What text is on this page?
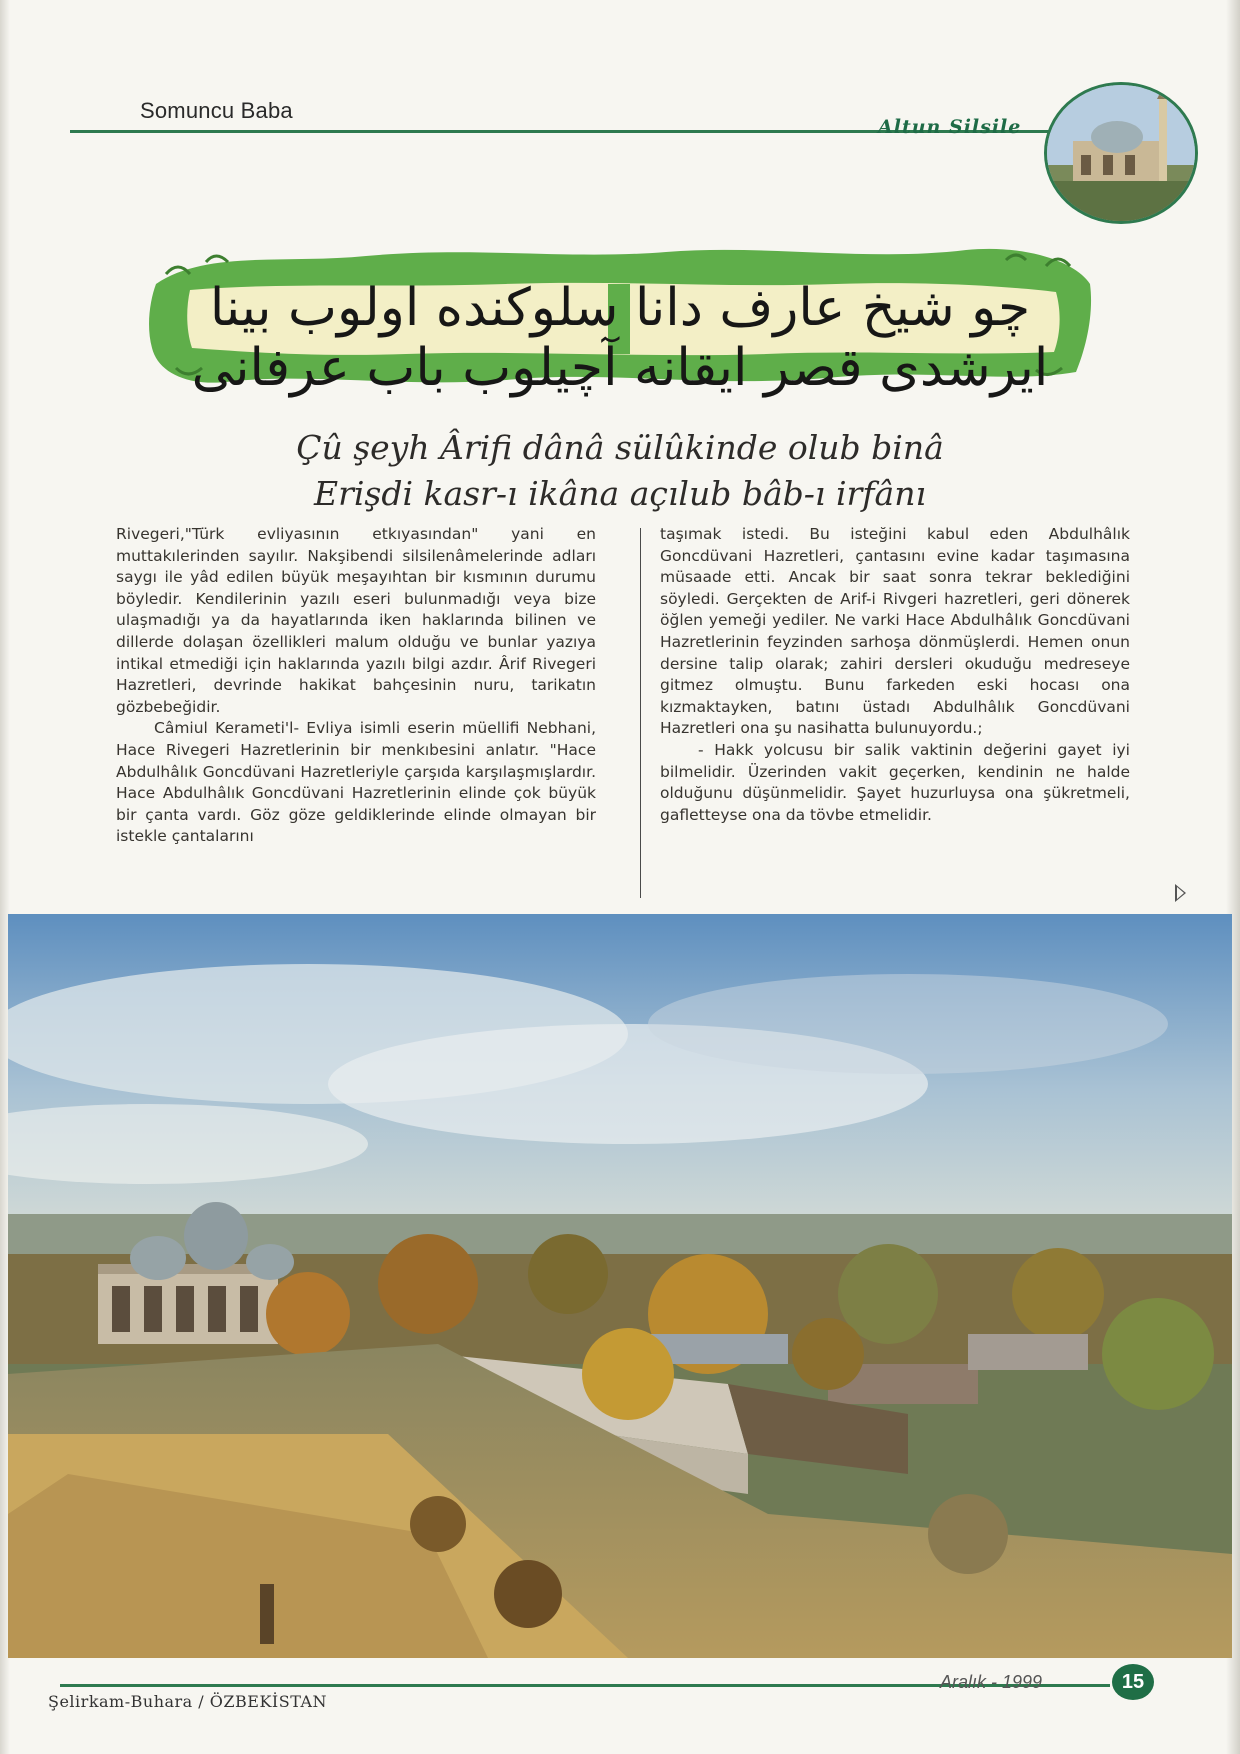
Somuncu Baba
Altun Silsile
چو شیخ عارف دانا سلوکنده اولوب بینا ایرشدی قصر ایقانه آچیلوب باب عرفانی
Çû şeyh Ârifi dânâ sülûkinde olub binâ
Erişdi kasr-ı ikâna açılub bâb-ı irfânı

Rivegeri,"Türk evliyasının etkıyasından" yani en muttakılerinden sayılır. Nakşibendi silsilenâmelerinde adları saygı ile yâd edilen büyük meşayıhtan bir kısmının durumu böyledir. Kendilerinin yazılı eseri bulunmadığı veya bize ulaşmadığı ya da hayatlarında iken haklarında bilinen ve dillerde dolaşan özellikleri malum olduğu ve bunlar yazıya intikal etmediği için haklarında yazılı bilgi azdır. Ârif Rivegeri Hazretleri, devrinde hakikat bahçesinin nuru, tarikatın gözbebeğidir.

Câmiul Kerameti'l- Evliya isimli eserin müellifi Nebhani, Hace Rivegeri Hazretlerinin bir menkıbesini anlatır. "Hace Abdulhâlık Goncdüvani Hazretleriyle çarşıda karşılaşmışlardır. Hace Abdulhâlık Goncdüvani Hazretlerinin elinde çok büyük bir çanta vardı. Göz göze geldiklerinde elinde olmayan bir istekle çantalarını

taşımak istedi. Bu isteğini kabul eden Abdulhâlık Goncdüvani Hazretleri, çantasını evine kadar taşımasına müsaade etti. Ancak bir saat sonra tekrar beklediğini söyledi. Gerçekten de Arif-i Rivgeri hazretleri, geri dönerek öğlen yemeği yediler. Ne varki Hace Abdulhâlık Goncdüvani Hazretlerinin feyzinden sarhoşa dönmüşlerdi. Hemen onun dersine talip olarak; zahiri dersleri okuduğu medreseye gitmez olmuştu. Bunu farkeden eski hocası ona kızmaktayken, batını üstadı Abdulhâlık Goncdüvani Hazretleri ona şu nasihatta bulunuyordu.;

- Hakk yolcusu bir salik vaktinin değerini gayet iyi bilmelidir. Üzerinden vakit geçerken, kendinin ne halde olduğunu düşünmelidir. Şayet huzurluysa ona şükretmeli, gafletteyse ona da tövbe etmelidir.

Şelirkam-Buhara / ÖZBEKİSTAN
Aralık - 1999	15
